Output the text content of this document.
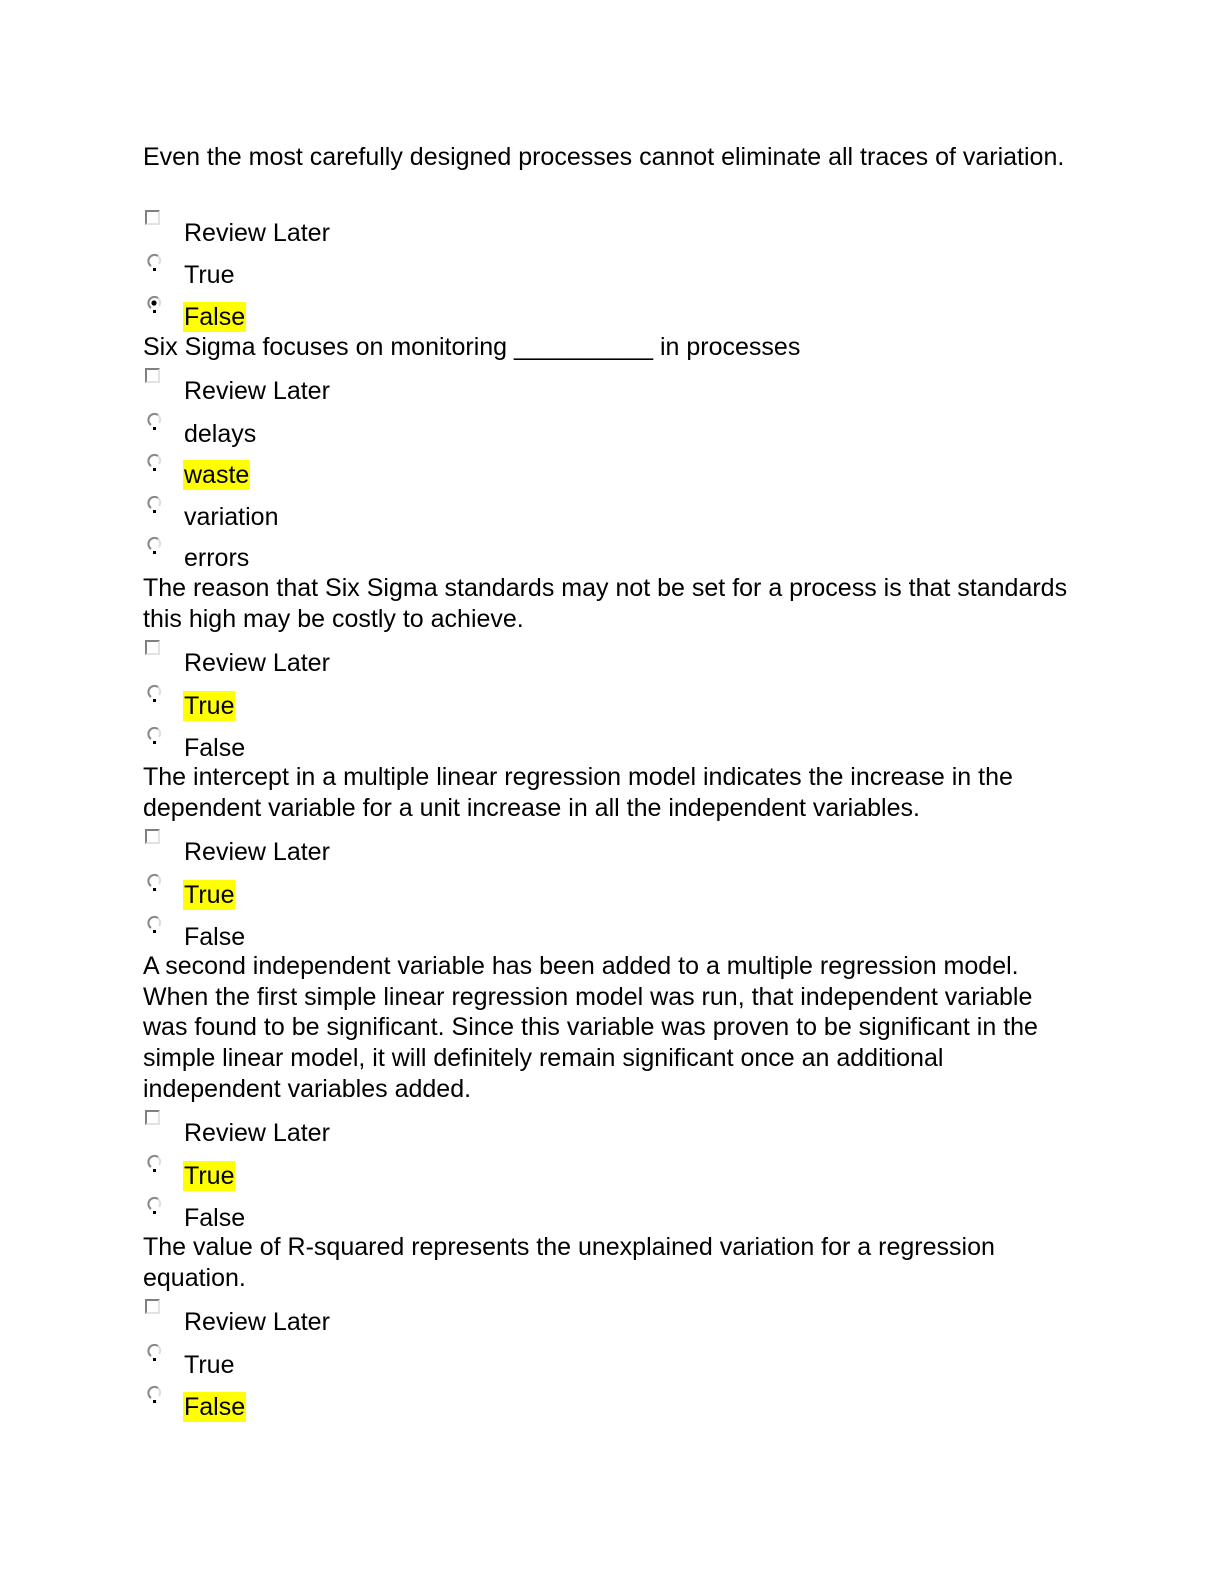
Even the most carefully designed processes cannot eliminate all traces of variation.

Review Later
True
False

Six Sigma focuses on monitoring __________ in processes

Review Later
delays
waste
variation
errors

The reason that Six Sigma standards may not be set for a process is that standards this high may be costly to achieve.

Review Later
True
False

The intercept in a multiple linear regression model indicates the increase in the dependent variable for a unit increase in all the independent variables.

Review Later
True
False

A second independent variable has been added to a multiple regression model. When the first simple linear regression model was run, that independent variable was found to be significant. Since this variable was proven to be significant in the simple linear model, it will definitely remain significant once an additional independent variables added.

Review Later
True
False

The value of R-squared represents the unexplained variation for a regression equation.

Review Later
True
False
